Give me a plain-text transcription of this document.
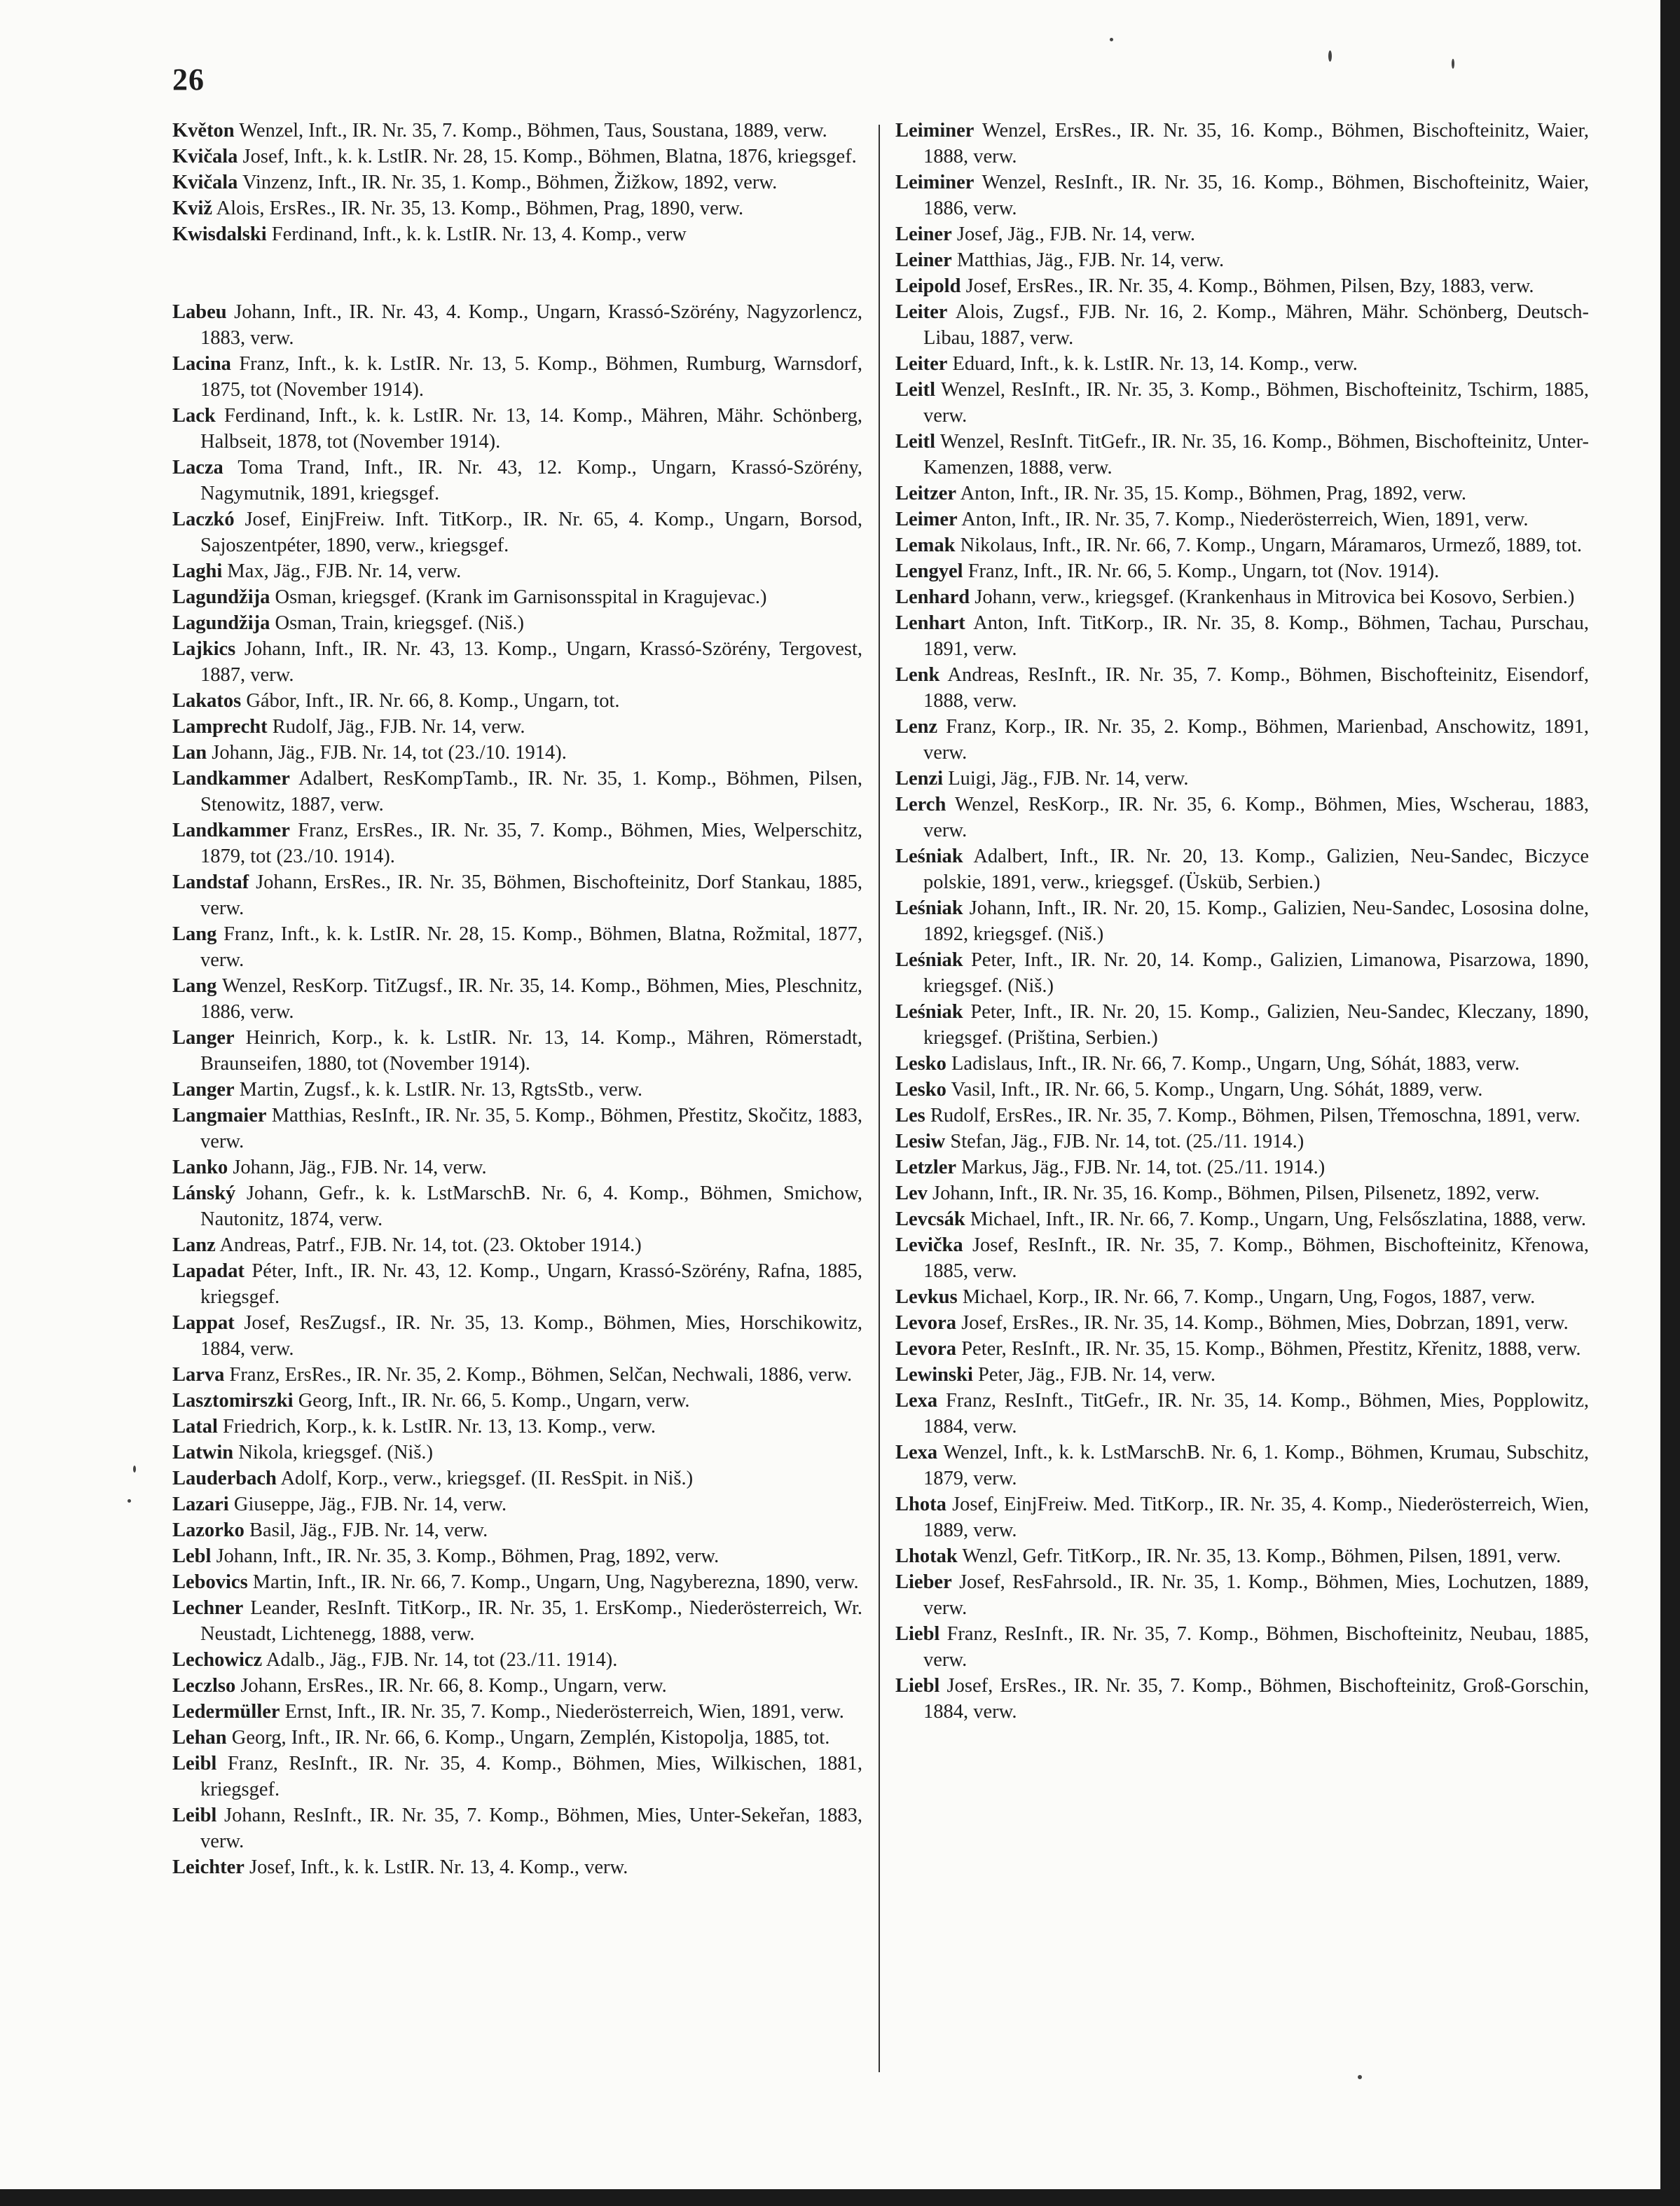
26

Květon Wenzel, Inft., IR. Nr. 35, 7. Komp., Böhmen, Taus, Soustana, 1889, verw.

Kvičala Josef, Inft., k. k. LstIR. Nr. 28, 15. Komp., Böhmen, Blatna, 1876, kriegsgef.

Kvičala Vinzenz, Inft., IR. Nr. 35, 1. Komp., Böhmen, Žižkow, 1892, verw.

Kviž Alois, ErsRes., IR. Nr. 35, 13. Komp., Böhmen, Prag, 1890, verw.

Kwisdalski Ferdinand, Inft., k. k. LstIR. Nr. 13, 4. Komp., verw

Labeu Johann, Inft., IR. Nr. 43, 4. Komp., Ungarn, Krassó-Szörény, Nagyzorlencz, 1883, verw.

Lacina Franz, Inft., k. k. LstIR. Nr. 13, 5. Komp., Böhmen, Rumburg, Warnsdorf, 1875, tot (November 1914).

Lack Ferdinand, Inft., k. k. LstIR. Nr. 13, 14. Komp., Mähren, Mähr. Schönberg, Halbseit, 1878, tot (November 1914).

Lacza Toma Trand, Inft., IR. Nr. 43, 12. Komp., Ungarn, Krassó-Szörény, Nagymutnik, 1891, kriegsgef.

Laczkó Josef, EinjFreiw. Inft. TitKorp., IR. Nr. 65, 4. Komp., Ungarn, Borsod, Sajoszentpéter, 1890, verw., kriegsgef.

Laghi Max, Jäg., FJB. Nr. 14, verw.

Lagundžija Osman, kriegsgef. (Krank im Garnisonsspital in Kragujevac.)

Lagundžija Osman, Train, kriegsgef. (Niš.)

Lajkics Johann, Inft., IR. Nr. 43, 13. Komp., Ungarn, Krassó-Szörény, Tergovest, 1887, verw.

Lakatos Gábor, Inft., IR. Nr. 66, 8. Komp., Ungarn, tot.

Lamprecht Rudolf, Jäg., FJB. Nr. 14, verw.

Lan Johann, Jäg., FJB. Nr. 14, tot (23./10. 1914).

Landkammer Adalbert, ResKompTamb., IR. Nr. 35, 1. Komp., Böhmen, Pilsen, Stenowitz, 1887, verw.

Landkammer Franz, ErsRes., IR. Nr. 35, 7. Komp., Böhmen, Mies, Welperschitz, 1879, tot (23./10. 1914).

Landstaf Johann, ErsRes., IR. Nr. 35, Böhmen, Bischofteinitz, Dorf Stankau, 1885, verw.

Lang Franz, Inft., k. k. LstIR. Nr. 28, 15. Komp., Böhmen, Blatna, Rožmital, 1877, verw.

Lang Wenzel, ResKorp. TitZugsf., IR. Nr. 35, 14. Komp., Böhmen, Mies, Pleschnitz, 1886, verw.

Langer Heinrich, Korp., k. k. LstIR. Nr. 13, 14. Komp., Mähren, Römerstadt, Braunseifen, 1880, tot (November 1914).

Langer Martin, Zugsf., k. k. LstIR. Nr. 13, RgtsStb., verw.

Langmaier Matthias, ResInft., IR. Nr. 35, 5. Komp., Böhmen, Přestitz, Skočitz, 1883, verw.

Lanko Johann, Jäg., FJB. Nr. 14, verw.

Lánský Johann, Gefr., k. k. LstMarschB. Nr. 6, 4. Komp., Böhmen, Smichow, Nautonitz, 1874, verw.

Lanz Andreas, Patrf., FJB. Nr. 14, tot. (23. Oktober 1914.)

Lapadat Péter, Inft., IR. Nr. 43, 12. Komp., Ungarn, Krassó-Szörény, Rafna, 1885, kriegsgef.

Lappat Josef, ResZugsf., IR. Nr. 35, 13. Komp., Böhmen, Mies, Horschikowitz, 1884, verw.

Larva Franz, ErsRes., IR. Nr. 35, 2. Komp., Böhmen, Selčan, Nechwali, 1886, verw.

Lasztomirszki Georg, Inft., IR. Nr. 66, 5. Komp., Ungarn, verw.

Latal Friedrich, Korp., k. k. LstIR. Nr. 13, 13. Komp., verw.

Latwin Nikola, kriegsgef. (Niš.)

Lauderbach Adolf, Korp., verw., kriegsgef. (II. ResSpit. in Niš.)

Lazari Giuseppe, Jäg., FJB. Nr. 14, verw.

Lazorko Basil, Jäg., FJB. Nr. 14, verw.

Lebl Johann, Inft., IR. Nr. 35, 3. Komp., Böhmen, Prag, 1892, verw.

Lebovics Martin, Inft., IR. Nr. 66, 7. Komp., Ungarn, Ung, Nagyberezna, 1890, verw.

Lechner Leander, ResInft. TitKorp., IR. Nr. 35, 1. ErsKomp., Niederösterreich, Wr. Neustadt, Lichtenegg, 1888, verw.

Lechowicz Adalb., Jäg., FJB. Nr. 14, tot (23./11. 1914).

Leczlso Johann, ErsRes., IR. Nr. 66, 8. Komp., Ungarn, verw.

Ledermüller Ernst, Inft., IR. Nr. 35, 7. Komp., Niederösterreich, Wien, 1891, verw.

Lehan Georg, Inft., IR. Nr. 66, 6. Komp., Ungarn, Zemplén, Kistopolja, 1885, tot.

Leibl Franz, ResInft., IR. Nr. 35, 4. Komp., Böhmen, Mies, Wilkischen, 1881, kriegsgef.

Leibl Johann, ResInft., IR. Nr. 35, 7. Komp., Böhmen, Mies, Unter-Sekeřan, 1883, verw.

Leichter Josef, Inft., k. k. LstIR. Nr. 13, 4. Komp., verw.

Leiminer Wenzel, ErsRes., IR. Nr. 35, 16. Komp., Böhmen, Bischofteinitz, Waier, 1888, verw.

Leiminer Wenzel, ResInft., IR. Nr. 35, 16. Komp., Böhmen, Bischofteinitz, Waier, 1886, verw.

Leiner Josef, Jäg., FJB. Nr. 14, verw.

Leiner Matthias, Jäg., FJB. Nr. 14, verw.

Leipold Josef, ErsRes., IR. Nr. 35, 4. Komp., Böhmen, Pilsen, Bzy, 1883, verw.

Leiter Alois, Zugsf., FJB. Nr. 16, 2. Komp., Mähren, Mähr. Schönberg, Deutsch-Libau, 1887, verw.

Leiter Eduard, Inft., k. k. LstIR. Nr. 13, 14. Komp., verw.

Leitl Wenzel, ResInft., IR. Nr. 35, 3. Komp., Böhmen, Bischofteinitz, Tschirm, 1885, verw.

Leitl Wenzel, ResInft. TitGefr., IR. Nr. 35, 16. Komp., Böhmen, Bischofteinitz, Unter-Kamenzen, 1888, verw.

Leitzer Anton, Inft., IR. Nr. 35, 15. Komp., Böhmen, Prag, 1892, verw.

Leimer Anton, Inft., IR. Nr. 35, 7. Komp., Niederösterreich, Wien, 1891, verw.

Lemak Nikolaus, Inft., IR. Nr. 66, 7. Komp., Ungarn, Máramaros, Urmező, 1889, tot.

Lengyel Franz, Inft., IR. Nr. 66, 5. Komp., Ungarn, tot (Nov. 1914).

Lenhard Johann, verw., kriegsgef. (Krankenhaus in Mitrovica bei Kosovo, Serbien.)

Lenhart Anton, Inft. TitKorp., IR. Nr. 35, 8. Komp., Böhmen, Tachau, Purschau, 1891, verw.

Lenk Andreas, ResInft., IR. Nr. 35, 7. Komp., Böhmen, Bischofteinitz, Eisendorf, 1888, verw.

Lenz Franz, Korp., IR. Nr. 35, 2. Komp., Böhmen, Marienbad, Anschowitz, 1891, verw.

Lenzi Luigi, Jäg., FJB. Nr. 14, verw.

Lerch Wenzel, ResKorp., IR. Nr. 35, 6. Komp., Böhmen, Mies, Wscherau, 1883, verw.

Leśniak Adalbert, Inft., IR. Nr. 20, 13. Komp., Galizien, Neu-Sandec, Biczyce polskie, 1891, verw., kriegsgef. (Üsküb, Serbien.)

Leśniak Johann, Inft., IR. Nr. 20, 15. Komp., Galizien, Neu-Sandec, Lososina dolne, 1892, kriegsgef. (Niš.)

Leśniak Peter, Inft., IR. Nr. 20, 14. Komp., Galizien, Limanowa, Pisarzowa, 1890, kriegsgef. (Niš.)

Leśniak Peter, Inft., IR. Nr. 20, 15. Komp., Galizien, Neu-Sandec, Kleczany, 1890, kriegsgef. (Priština, Serbien.)

Lesko Ladislaus, Inft., IR. Nr. 66, 7. Komp., Ungarn, Ung, Sóhát, 1883, verw.

Lesko Vasil, Inft., IR. Nr. 66, 5. Komp., Ungarn, Ung. Sóhát, 1889, verw.

Les Rudolf, ErsRes., IR. Nr. 35, 7. Komp., Böhmen, Pilsen, Třemoschna, 1891, verw.

Lesiw Stefan, Jäg., FJB. Nr. 14, tot. (25./11. 1914.)

Letzler Markus, Jäg., FJB. Nr. 14, tot. (25./11. 1914.)

Lev Johann, Inft., IR. Nr. 35, 16. Komp., Böhmen, Pilsen, Pilsenetz, 1892, verw.

Levcsák Michael, Inft., IR. Nr. 66, 7. Komp., Ungarn, Ung, Felsőszlatina, 1888, verw.

Levička Josef, ResInft., IR. Nr. 35, 7. Komp., Böhmen, Bischofteinitz, Křenowa, 1885, verw.

Levkus Michael, Korp., IR. Nr. 66, 7. Komp., Ungarn, Ung, Fogos, 1887, verw.

Levora Josef, ErsRes., IR. Nr. 35, 14. Komp., Böhmen, Mies, Dobrzan, 1891, verw.

Levora Peter, ResInft., IR. Nr. 35, 15. Komp., Böhmen, Přestitz, Křenitz, 1888, verw.

Lewinski Peter, Jäg., FJB. Nr. 14, verw.

Lexa Franz, ResInft., TitGefr., IR. Nr. 35, 14. Komp., Böhmen, Mies, Popplowitz, 1884, verw.

Lexa Wenzel, Inft., k. k. LstMarschB. Nr. 6, 1. Komp., Böhmen, Krumau, Subschitz, 1879, verw.

Lhota Josef, EinjFreiw. Med. TitKorp., IR. Nr. 35, 4. Komp., Niederösterreich, Wien, 1889, verw.

Lhotak Wenzl, Gefr. TitKorp., IR. Nr. 35, 13. Komp., Böhmen, Pilsen, 1891, verw.

Lieber Josef, ResFahrsold., IR. Nr. 35, 1. Komp., Böhmen, Mies, Lochutzen, 1889, verw.

Liebl Franz, ResInft., IR. Nr. 35, 7. Komp., Böhmen, Bischofteinitz, Neubau, 1885, verw.

Liebl Josef, ErsRes., IR. Nr. 35, 7. Komp., Böhmen, Bischofteinitz, Groß-Gorschin, 1884, verw.
